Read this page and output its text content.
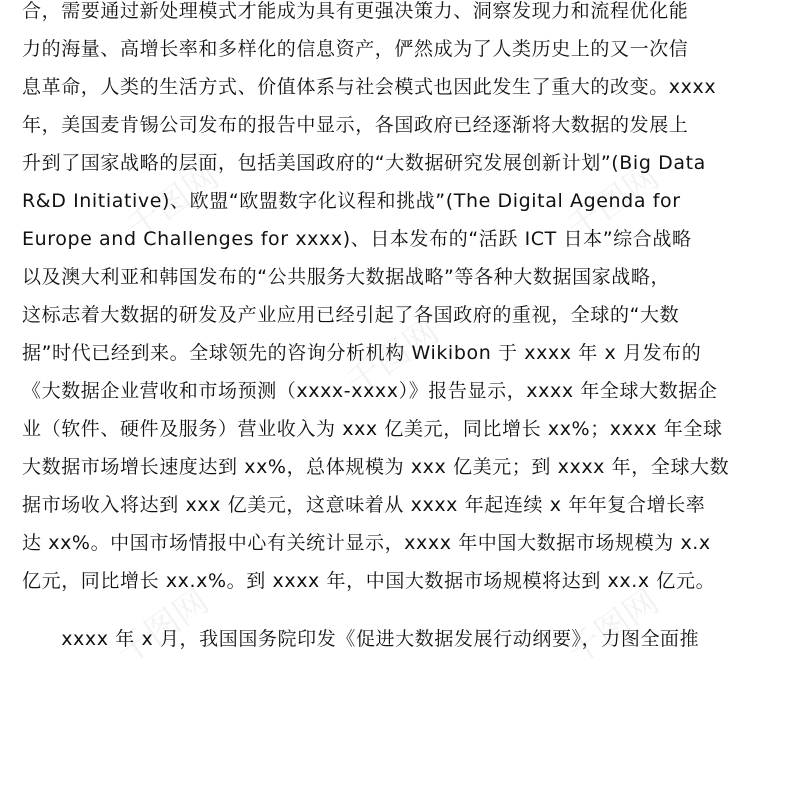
千图网
千图网
千图网
千图网	千图网
合，需要通过新处理模式才能成为具有更强决策力、洞察发现力和流程优化能
力的海量、高增长率和多样化的信息资产，俨然成为了人类历史上的又一次信
息革命，人类的生活方式、价值体系与社会模式也因此发生了重大的改变。xxxx
年，美国麦肯锡公司发布的报告中显示，各国政府已经逐渐将大数据的发展上
升到了国家战略的层面，包括美国政府的“大数据研究发展创新计划”(Big Data
R&D Initiative)、欧盟“欧盟数字化议程和挑战”(The Digital Agenda for
Europe and Challenges for xxxx)、日本发布的“活跃 ICT 日本”综合战略
以及澳大利亚和韩国发布的“公共服务大数据战略”等各种大数据国家战略，
这标志着大数据的研发及产业应用已经引起了各国政府的重视，全球的“大数
据”时代已经到来。全球领先的咨询分析机构 Wikibon 于 xxxx 年 x 月发布的
《大数据企业营收和市场预测（xxxx-xxxx）》报告显示，xxxx 年全球大数据企
业（软件、硬件及服务）营业收入为 xxx 亿美元，同比增长 xx%；xxxx 年全球
大数据市场增长速度达到 xx%，总体规模为 xxx 亿美元；到 xxxx 年，全球大数
据市场收入将达到 xxx 亿美元，这意味着从 xxxx 年起连续 x 年年复合增长率
达 xx%。中国市场情报中心有关统计显示，xxxx 年中国大数据市场规模为 x.x
亿元，同比增长 xx.x%。到 xxxx 年，中国大数据市场规模将达到 xx.x 亿元。
　　xxxx 年 x 月，我国国务院印发《促进大数据发展行动纲要》，力图全面推
